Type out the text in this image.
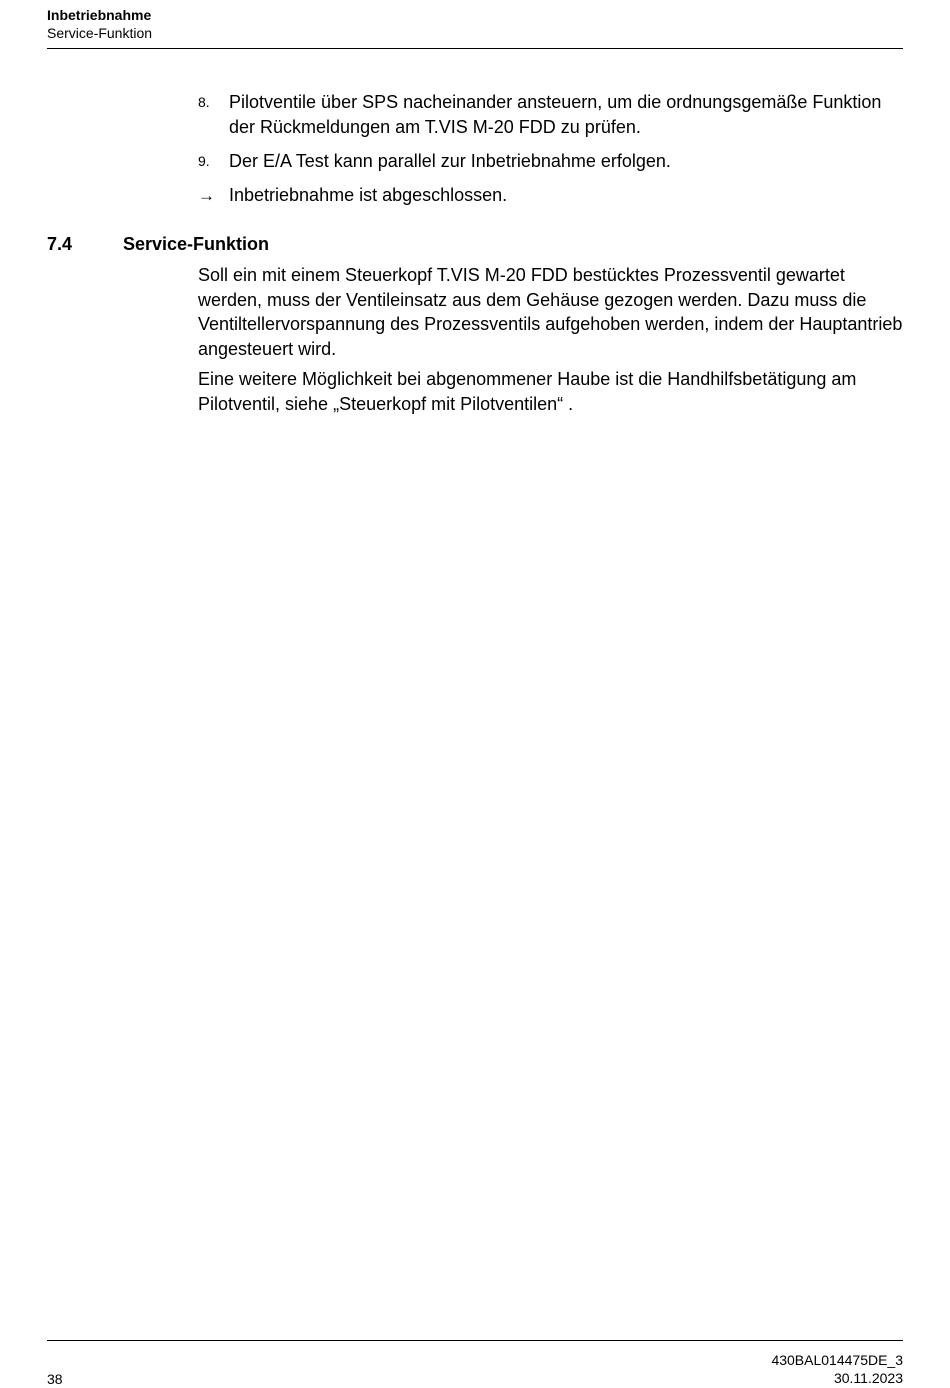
Inbetriebnahme
Service-Funktion
8.	Pilotventile über SPS nacheinander ansteuern, um die ordnungsgemäße Funktion der Rückmeldungen am T.VIS M-20 FDD zu prüfen.
9.	Der E/A Test kann parallel zur Inbetriebnahme erfolgen.
→ Inbetriebnahme ist abgeschlossen.
7.4	Service-Funktion

Soll ein mit einem Steuerkopf T.VIS M-20 FDD bestücktes Prozessventil gewartet werden, muss der Ventileinsatz aus dem Gehäuse gezogen werden. Dazu muss die Ventiltellervorspannung des Prozessventils aufgehoben werden, indem der Hauptantrieb angesteuert wird.

Eine weitere Möglichkeit bei abgenommener Haube ist die Handhilfsbetätigung am Pilotventil, siehe „Steuerkopf mit Pilotventilen“ .

38
430BAL014475DE_3
30.11.2023
